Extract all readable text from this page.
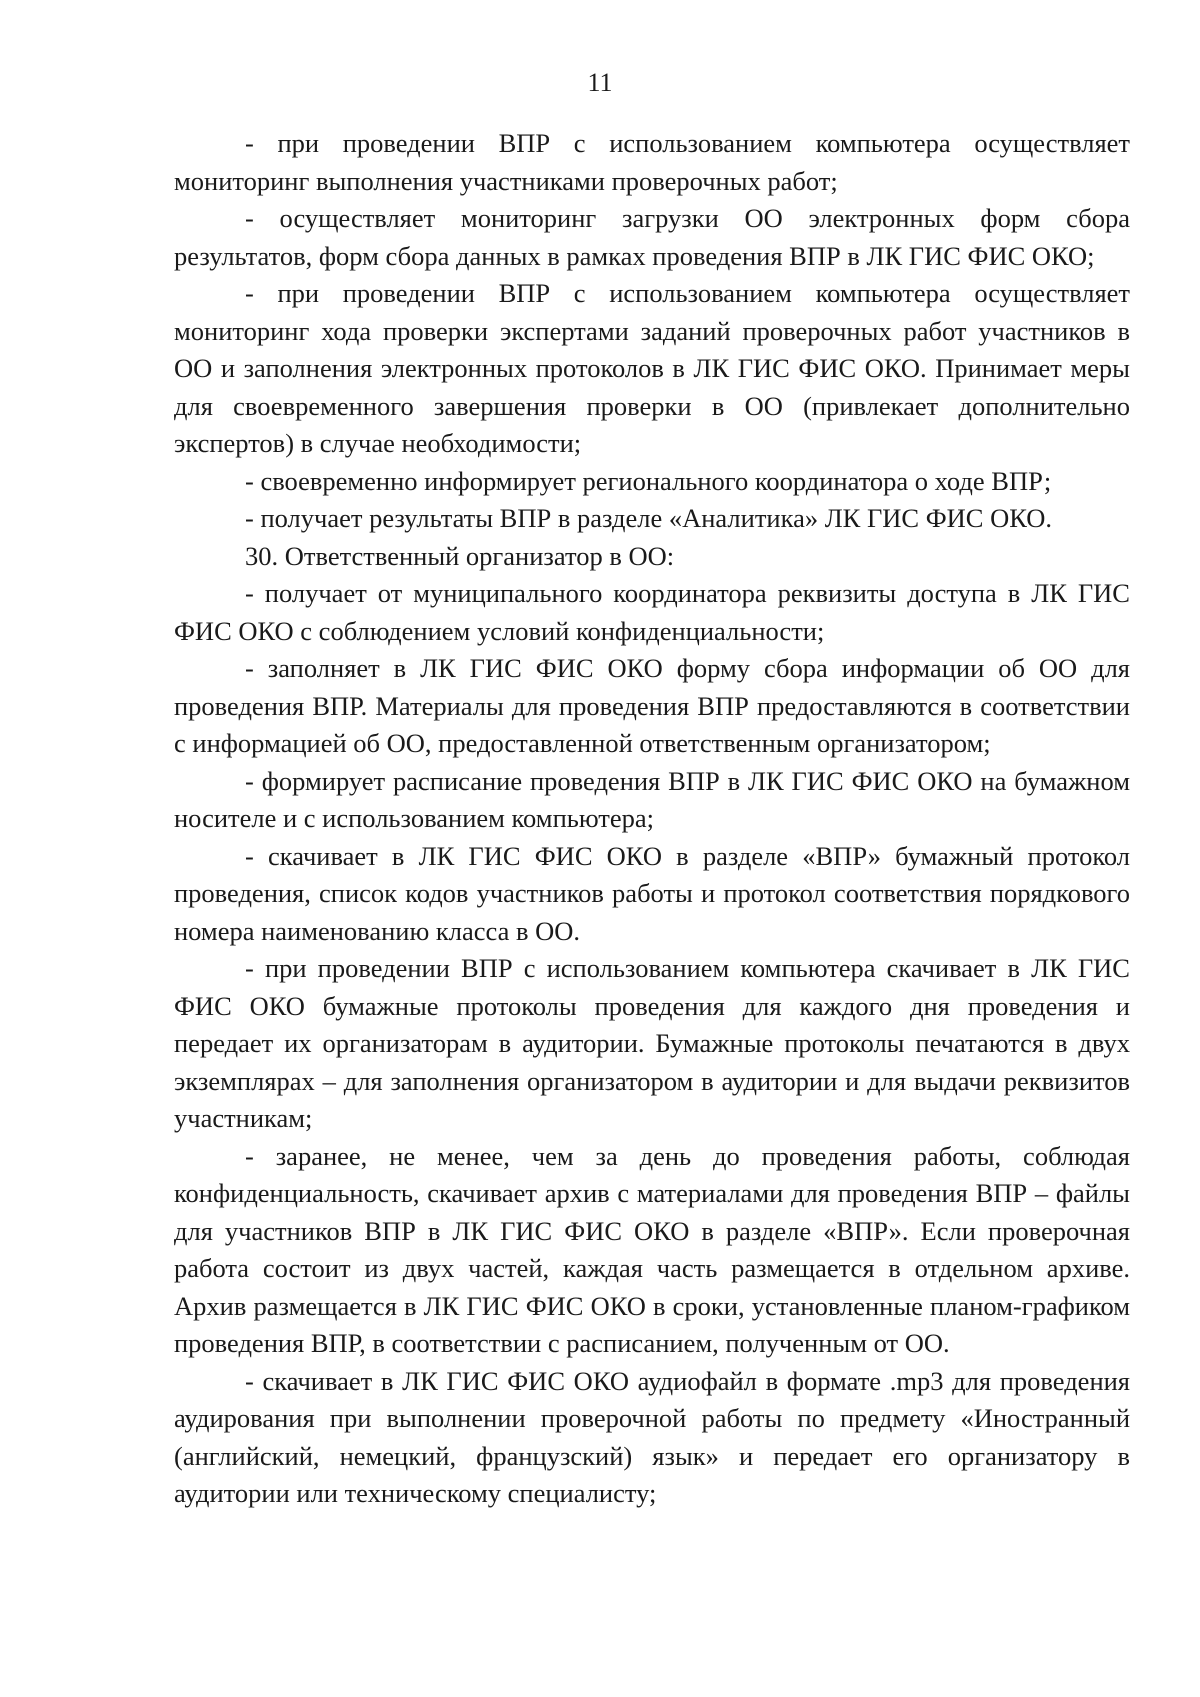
11

- при проведении ВПР с использованием компьютера осуществляет мониторинг выполнения участниками проверочных работ;

- осуществляет мониторинг загрузки ОО электронных форм сбора результатов, форм сбора данных в рамках проведения ВПР в ЛК ГИС ФИС ОКО;

- при проведении ВПР с использованием компьютера осуществляет мониторинг хода проверки экспертами заданий проверочных работ участников в ОО и заполнения электронных протоколов в ЛК ГИС ФИС ОКО. Принимает меры для своевременного завершения проверки в ОО (привлекает дополнительно экспертов) в случае необходимости;

- своевременно информирует регионального координатора о ходе ВПР;

- получает результаты ВПР в разделе «Аналитика» ЛК ГИС ФИС ОКО.

30. Ответственный организатор в ОО:

- получает от муниципального координатора реквизиты доступа в ЛК ГИС ФИС ОКО с соблюдением условий конфиденциальности;

- заполняет в ЛК ГИС ФИС ОКО форму сбора информации об ОО для проведения ВПР. Материалы для проведения ВПР предоставляются в соответствии с информацией об ОО, предоставленной ответственным организатором;

- формирует расписание проведения ВПР в ЛК ГИС ФИС ОКО на бумажном носителе и с использованием компьютера;

- скачивает в ЛК ГИС ФИС ОКО в разделе «ВПР» бумажный протокол проведения, список кодов участников работы и протокол соответствия порядкового номера наименованию класса в ОО.

- при проведении ВПР с использованием компьютера скачивает в ЛК ГИС ФИС ОКО бумажные протоколы проведения для каждого дня проведения и передает их организаторам в аудитории. Бумажные протоколы печатаются в двух экземплярах – для заполнения организатором в аудитории и для выдачи реквизитов участникам;

- заранее, не менее, чем за день до проведения работы, соблюдая конфиденциальность, скачивает архив с материалами для проведения ВПР – файлы для участников ВПР в ЛК ГИС ФИС ОКО в разделе «ВПР». Если проверочная работа состоит из двух частей, каждая часть размещается в отдельном архиве. Архив размещается в ЛК ГИС ФИС ОКО в сроки, установленные планом-графиком проведения ВПР, в соответствии с расписанием, полученным от ОО.

- скачивает в ЛК ГИС ФИС ОКО аудиофайл в формате .mp3 для проведения аудирования при выполнении проверочной работы по предмету «Иностранный (английский, немецкий, французский) язык» и передает его организатору в аудитории или техническому специалисту;
